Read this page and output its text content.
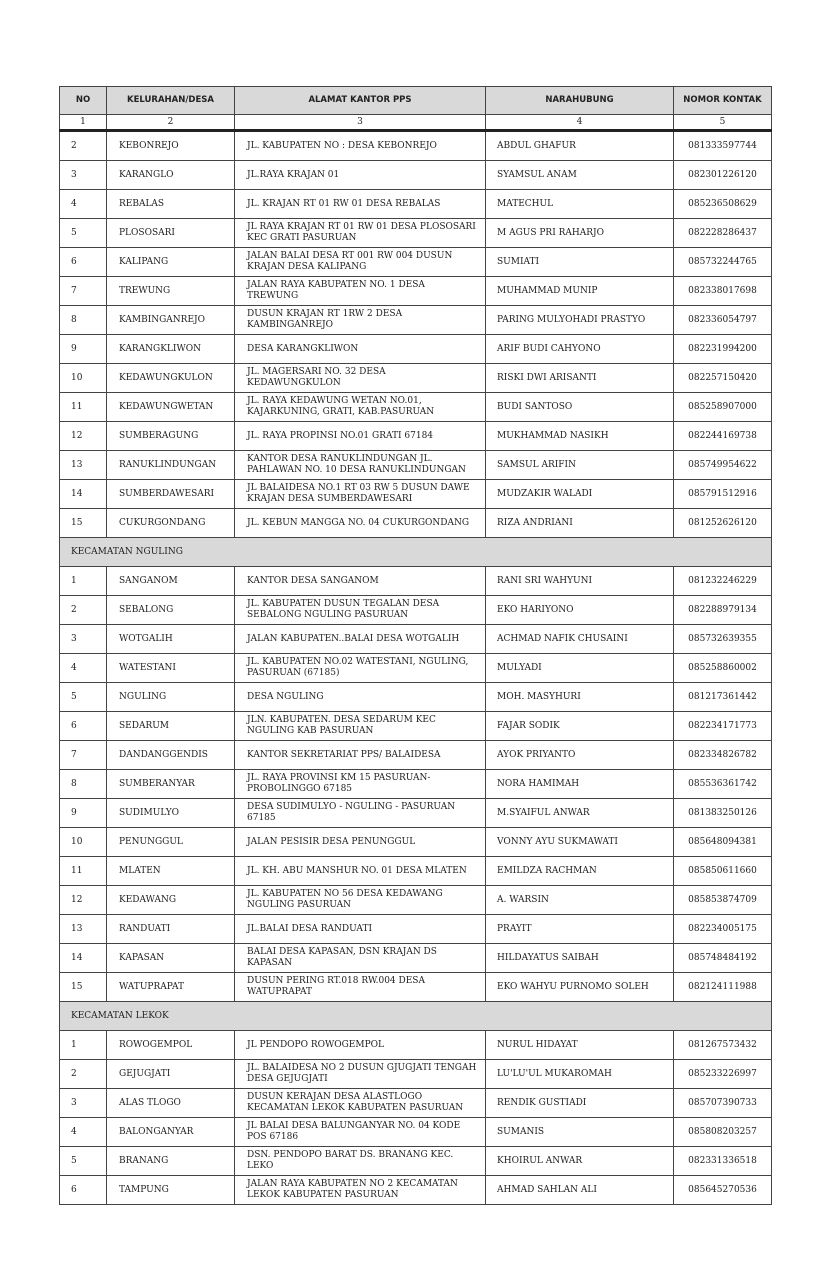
NO	KELURAHAN/DESA	ALAMAT KANTOR PPS	NARAHUBUNG	NOMOR KONTAK
1	2	3	4	5
2	KEBONREJO	JL. KABUPATEN NO : DESA KEBONREJO	ABDUL GHAFUR	081333597744
3	KARANGLO	JL.RAYA KRAJAN 01	SYAMSUL ANAM	082301226120
4	REBALAS	JL. KRAJAN RT 01 RW 01 DESA REBALAS	MATECHUL	085236508629
5	PLOSOSARI	JL RAYA KRAJAN RT 01 RW 01 DESA PLOSOSARI KEC GRATI PASURUAN	M AGUS PRI RAHARJO	082228286437
6	KALIPANG	JALAN BALAI DESA RT 001 RW 004 DUSUN KRAJAN DESA KALIPANG	SUMIATI	085732244765
7	TREWUNG	JALAN RAYA KABUPATEN NO. 1 DESA TREWUNG	MUHAMMAD MUNIP	082338017698
8	KAMBINGANREJO	DUSUN KRAJAN RT 1RW 2 DESA KAMBINGANREJO	PARING MULYOHADI PRASTYO	082336054797
9	KARANGKLIWON	DESA KARANGKLIWON	ARIF BUDI CAHYONO	082231994200
10	KEDAWUNGKULON	JL. MAGERSARI NO. 32 DESA KEDAWUNGKULON	RISKI DWI ARISANTI	082257150420
11	KEDAWUNGWETAN	JL. RAYA KEDAWUNG WETAN NO.01, KAJARKUNING, GRATI, KAB.PASURUAN	BUDI SANTOSO	085258907000
12	SUMBERAGUNG	JL. RAYA PROPINSI NO.01 GRATI 67184	MUKHAMMAD NASIKH	082244169738
13	RANUKLINDUNGAN	KANTOR DESA RANUKLINDUNGAN JL. PAHLAWAN NO. 10 DESA RANUKLINDUNGAN	SAMSUL ARIFIN	085749954622
14	SUMBERDAWESARI	JL BALAIDESA NO.1 RT 03 RW 5 DUSUN DAWE KRAJAN DESA SUMBERDAWESARI	MUDZAKIR WALADI	085791512916
15	CUKURGONDANG	JL. KEBUN MANGGA NO. 04 CUKURGONDANG	RIZA ANDRIANI	081252626120
KECAMATAN NGULING				
1	SANGANOM	KANTOR DESA SANGANOM	RANI SRI WAHYUNI	081232246229
2	SEBALONG	JL. KABUPATEN DUSUN TEGALAN DESA SEBALONG NGULING PASURUAN	EKO HARIYONO	082288979134
3	WOTGALIH	JALAN KABUPATEN..BALAI DESA WOTGALIH	ACHMAD NAFIK CHUSAINI	085732639355
4	WATESTANI	JL. KABUPATEN NO.02 WATESTANI, NGULING, PASURUAN (67185)	MULYADI	085258860002
5	NGULING	DESA NGULING	MOH. MASYHURI	081217361442
6	SEDARUM	JLN. KABUPATEN. DESA SEDARUM KEC NGULING KAB PASURUAN	FAJAR SODIK	082234171773
7	DANDANGGENDIS	KANTOR SEKRETARIAT PPS/ BALAIDESA	AYOK PRIYANTO	082334826782
8	SUMBERANYAR	JL. RAYA PROVINSI KM 15 PASURUAN-PROBOLINGGO 67185	NORA HAMIMAH	085536361742
9	SUDIMULYO	DESA SUDIMULYO - NGULING - PASURUAN 67185	M.SYAIFUL ANWAR	081383250126
10	PENUNGGUL	JALAN PESISIR DESA PENUNGGUL	VONNY AYU SUKMAWATI	085648094381
11	MLATEN	JL. KH. ABU MANSHUR NO. 01 DESA MLATEN	EMILDZA RACHMAN	085850611660
12	KEDAWANG	JL. KABUPATEN NO 56 DESA KEDAWANG NGULING PASURUAN	A. WARSIN	085853874709
13	RANDUATI	JL.BALAI DESA RANDUATI	PRAYIT	082234005175
14	KAPASAN	BALAI DESA KAPASAN, DSN KRAJAN DS KAPASAN	HILDAYATUS SAIBAH	085748484192
15	WATUPRAPAT	DUSUN PERING RT.018 RW.004 DESA WATUPRAPAT	EKO WAHYU PURNOMO SOLEH	082124111988
KECAMATAN LEKOK				
1	ROWOGEMPOL	JL PENDOPO ROWOGEMPOL	NURUL HIDAYAT	081267573432
2	GEJUGJATI	JL. BALAIDESA NO 2 DUSUN GJUGJATI TENGAH DESA GEJUGJATI	LU'LU'UL MUKAROMAH	085233226997
3	ALAS TLOGO	DUSUN KERAJAN DESA ALASTLOGO KECAMATAN LEKOK KABUPATEN PASURUAN	RENDIK GUSTIADI	085707390733
4	BALONGANYAR	JL BALAI DESA BALUNGANYAR NO. 04 KODE POS 67186	SUMANIS	085808203257
5	BRANANG	DSN. PENDOPO BARAT DS. BRANANG KEC. LEKO	KHOIRUL ANWAR	082331336518
6	TAMPUNG	JALAN RAYA KABUPATEN NO 2 KECAMATAN LEKOK KABUPATEN PASURUAN	AHMAD SAHLAN ALI	085645270536
